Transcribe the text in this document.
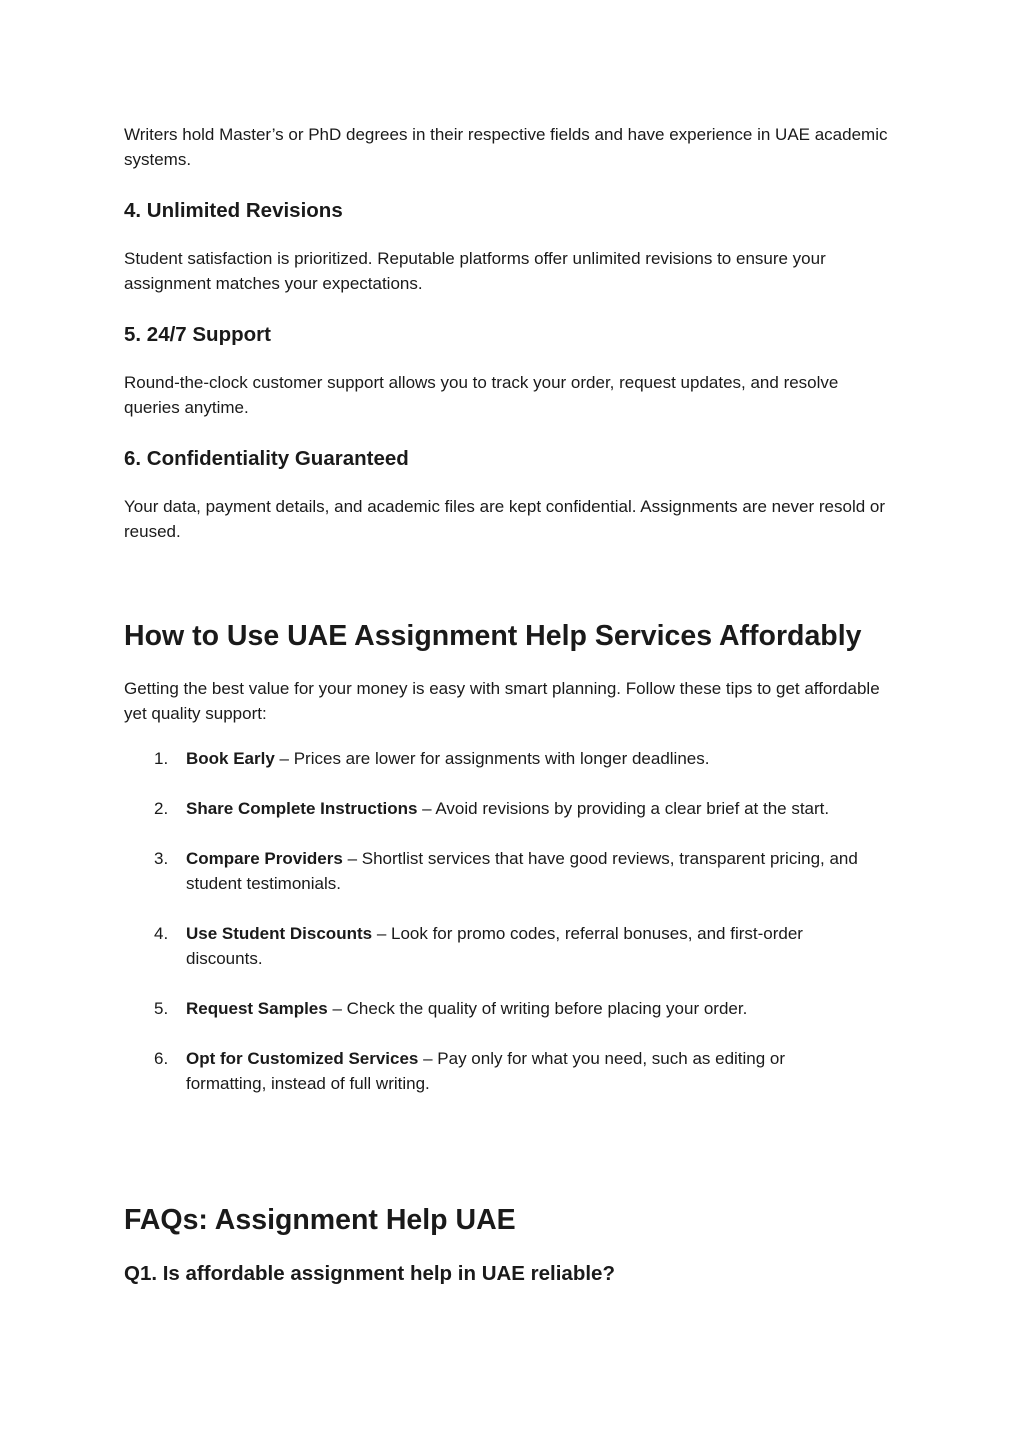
Writers hold Master’s or PhD degrees in their respective fields and have experience in UAE academic systems.

4. Unlimited Revisions

Student satisfaction is prioritized. Reputable platforms offer unlimited revisions to ensure your assignment matches your expectations.

5. 24/7 Support

Round-the-clock customer support allows you to track your order, request updates, and resolve queries anytime.

6. Confidentiality Guaranteed

Your data, payment details, and academic files are kept confidential. Assignments are never resold or reused.

How to Use UAE Assignment Help Services Affordably

Getting the best value for your money is easy with smart planning. Follow these tips to get affordable yet quality support:

1.	Book Early – Prices are lower for assignments with longer deadlines.
2.	Share Complete Instructions – Avoid revisions by providing a clear brief at the start.
3.	Compare Providers – Shortlist services that have good reviews, transparent pricing, and student testimonials.
4.	Use Student Discounts – Look for promo codes, referral bonuses, and first-order discounts.
5.	Request Samples – Check the quality of writing before placing your order.
6.	Opt for Customized Services – Pay only for what you need, such as editing or formatting, instead of full writing.
FAQs: Assignment Help UAE
Q1. Is affordable assignment help in UAE reliable?
